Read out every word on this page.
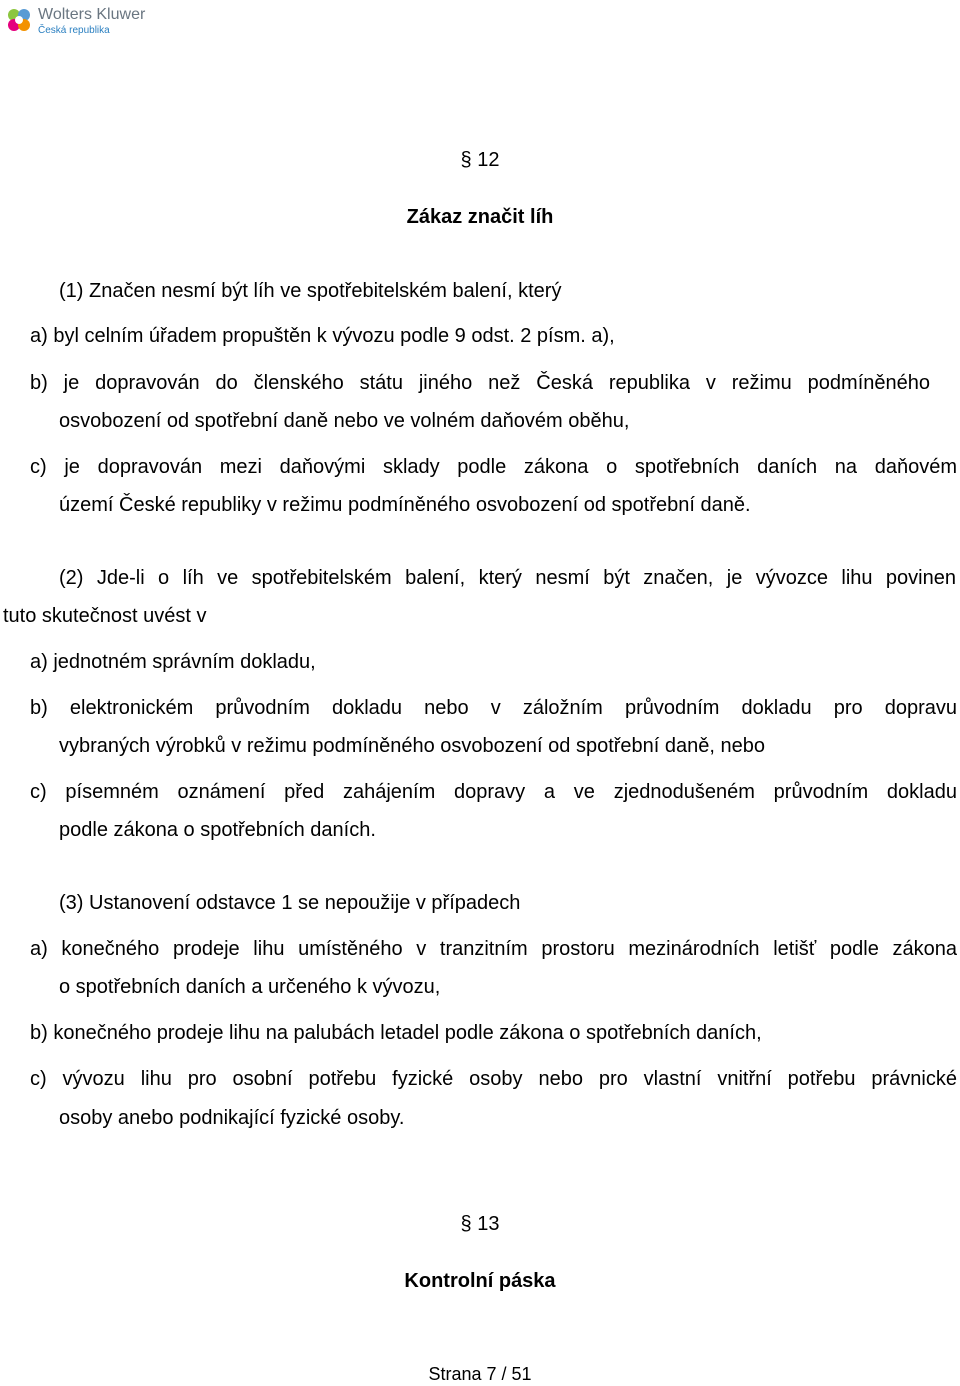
Wolters Kluwer
Česká republika
§ 12
Zákaz značit líh
(1) Značen nesmí být líh ve spotřebitelském balení, který
a) byl celním úřadem propuštěn k vývozu podle 9 odst. 2 písm. a),
b) je dopravován do členského státu jiného než Česká republika v režimu podmíněného
osvobození od spotřební daně nebo ve volném daňovém oběhu,
c) je dopravován mezi daňovými sklady podle zákona o spotřebních daních na daňovém
území České republiky v režimu podmíněného osvobození od spotřební daně.
(2) Jde-li o líh ve spotřebitelském balení, který nesmí být značen, je vývozce lihu povinen
tuto skutečnost uvést v
a) jednotném správním dokladu,
b) elektronickém průvodním dokladu nebo v záložním průvodním dokladu pro dopravu
vybraných výrobků v režimu podmíněného osvobození od spotřební daně, nebo
c) písemném oznámení před zahájením dopravy a ve zjednodušeném průvodním dokladu
podle zákona o spotřebních daních.
(3) Ustanovení odstavce 1 se nepoužije v případech
a) konečného prodeje lihu umístěného v tranzitním prostoru mezinárodních letišť podle zákona
o spotřebních daních a určeného k vývozu,
b) konečného prodeje lihu na palubách letadel podle zákona o spotřebních daních,
c) vývozu lihu pro osobní potřebu fyzické osoby nebo pro vlastní vnitřní potřebu právnické
osoby anebo podnikající fyzické osoby.
§ 13
Kontrolní páska
Strana 7 / 51
